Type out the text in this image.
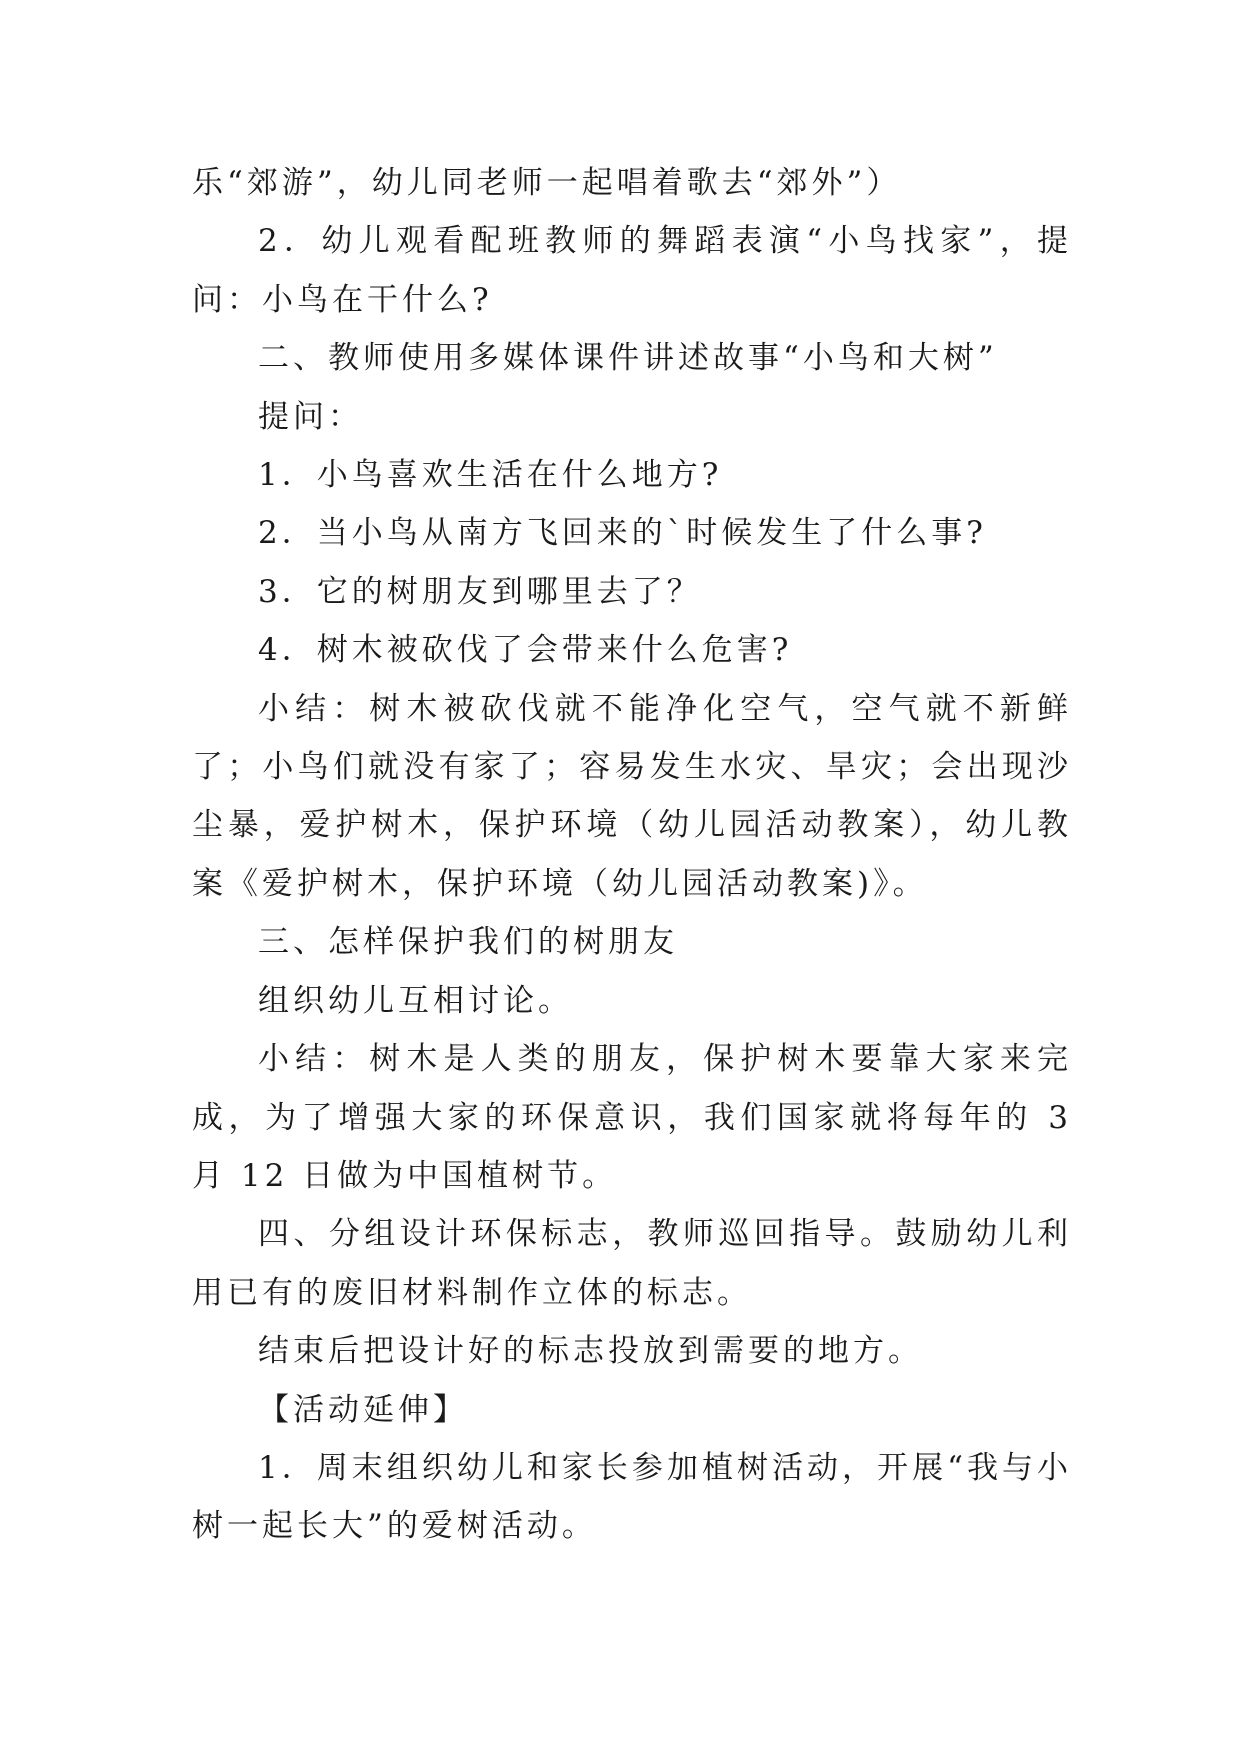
乐“郊游”，幼儿同老师一起唱着歌去“郊外”）

2．幼儿观看配班教师的舞蹈表演“小鸟找家”，提问：小鸟在干什么?

二、教师使用多媒体课件讲述故事“小鸟和大树”

提问：

1．小鸟喜欢生活在什么地方?

2．当小鸟从南方飞回来的`时候发生了什么事?

3．它的树朋友到哪里去了？

4．树木被砍伐了会带来什么危害?

小结：树木被砍伐就不能净化空气，空气就不新鲜了；小鸟们就没有家了；容易发生水灾、旱灾；会出现沙尘暴，爱护树木，保护环境（幼儿园活动教案），幼儿教案《爱护树木，保护环境（幼儿园活动教案)》。

三、怎样保护我们的树朋友

组织幼儿互相讨论。

小结：树木是人类的朋友，保护树木要靠大家来完成，为了增强大家的环保意识，我们国家就将每年的 3 月 12 日做为中国植树节。

四、分组设计环保标志，教师巡回指导。鼓励幼儿利用已有的废旧材料制作立体的标志。

结束后把设计好的标志投放到需要的地方。

【活动延伸】

1．周末组织幼儿和家长参加植树活动，开展“我与小树一起长大”的爱树活动。
